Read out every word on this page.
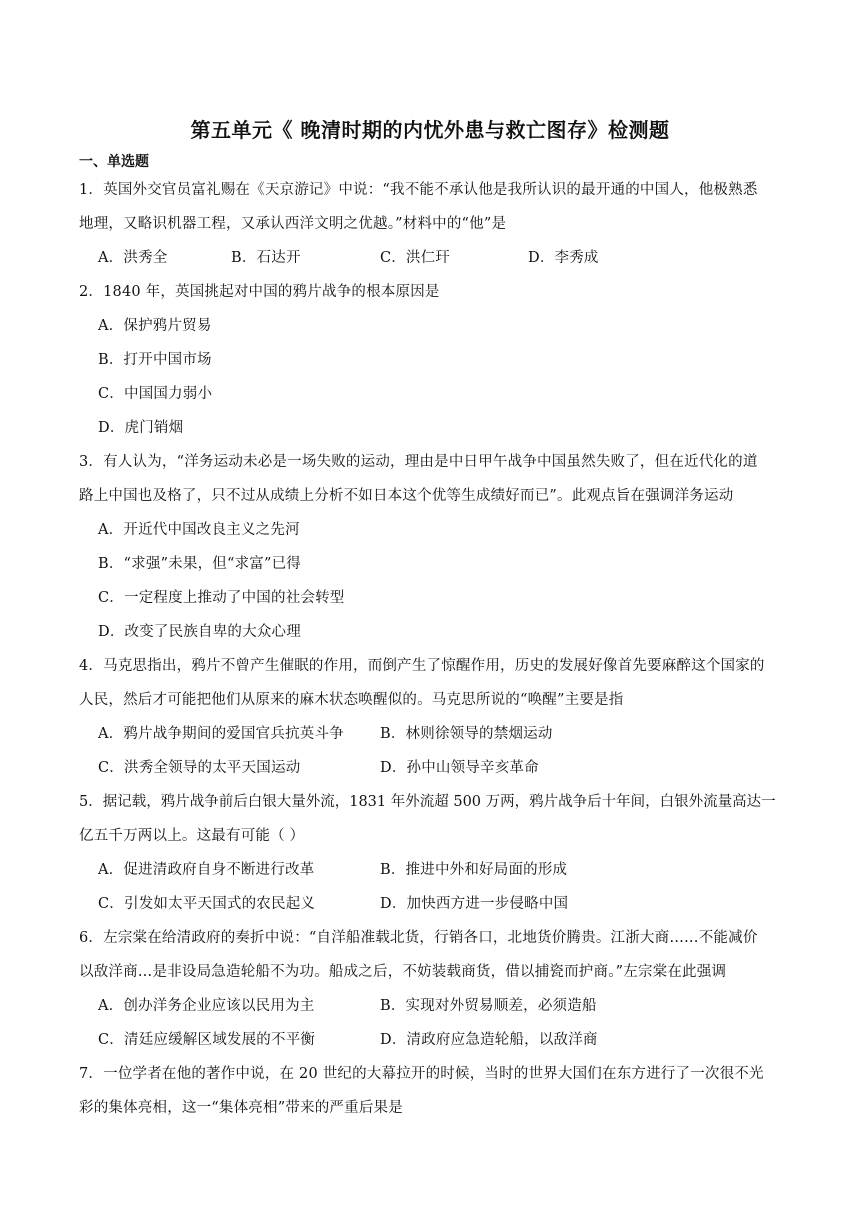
第五单元《 晚清时期的内忧外患与救亡图存》检测题
一、单选题
1．英国外交官员富礼赐在《天京游记》中说：“我不能不承认他是我所认识的最开通的中国人，他极熟悉
地理，又略识机器工程，又承认西洋文明之优越。”材料中的“他”是
A．洪秀全	B．石达开	C．洪仁玕	D．李秀成
2．1840 年，英国挑起对中国的鸦片战争的根本原因是
A．保护鸦片贸易
B．打开中国市场
C．中国国力弱小
D．虎门销烟
3．有人认为，“洋务运动未必是一场失败的运动，理由是中日甲午战争中国虽然失败了，但在近代化的道
路上中国也及格了，只不过从成绩上分析不如日本这个优等生成绩好而已”。此观点旨在强调洋务运动
A．开近代中国改良主义之先河
B．“求强”未果，但“求富”已得
C．一定程度上推动了中国的社会转型
D．改变了民族自卑的大众心理
4．马克思指出，鸦片不曾产生催眠的作用，而倒产生了惊醒作用，历史的发展好像首先要麻醉这个国家的
人民，然后才可能把他们从原来的麻木状态唤醒似的。马克思所说的“唤醒”主要是指
A．鸦片战争期间的爱国官兵抗英斗争 B．林则徐领导的禁烟运动
C．洪秀全领导的太平天国运动	D．孙中山领导辛亥革命
5．据记载，鸦片战争前后白银大量外流，1831 年外流超 500 万两，鸦片战争后十年间，白银外流量高达一
亿五千万两以上。这最有可能（ ）
A．促进清政府自身不断进行改革	B．推进中外和好局面的形成
C．引发如太平天国式的农民起义	D．加快西方进一步侵略中国
6．左宗棠在给清政府的奏折中说：“自洋船准载北货，行销各口，北地货价腾贵。江浙大商……不能减价
以敌洋商…是非设局急造轮船不为功。船成之后，不妨装载商货，借以捕瓷而护商。”左宗棠在此强调
A．创办洋务企业应该以民用为主	B．实现对外贸易顺差，必须造船
C．清廷应缓解区域发展的不平衡	D．清政府应急造轮船，以敌洋商
7．一位学者在他的著作中说，在 20 世纪的大幕拉开的时候，当时的世界大国们在东方进行了一次很不光
彩的集体亮相，这一“集体亮相”带来的严重后果是
